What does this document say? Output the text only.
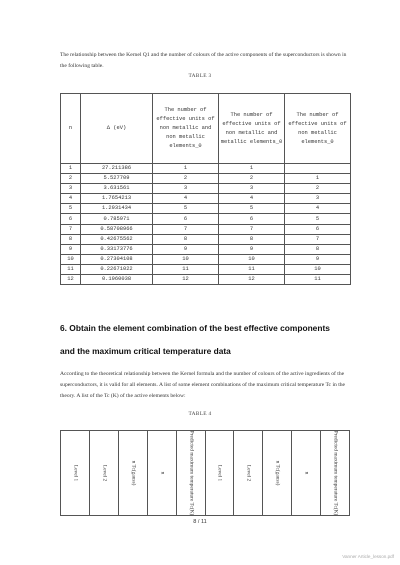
The relationship between the Kernel Q1 and the number of colours of the active components of the superconductors is shown in the following table.

TABLE 3
n	Δ (eV)	The number of effective units of non metallic and non metallic elements_0	The number of effective units of non metallic and metallic elements_0	The number of effective units of non metallic elements_0
1	27.211386	1	1	
2	5.527709	2	2	1
3	3.631561	3	3	2
4	1.7654213	4	4	3
5	1.2931434	5	5	4
6	0.785971	6	6	5
7	0.58708966	7	7	6
8	0.42675562	8	8	7
9	0.33173776	9	9	8
10	0.27304108	10	10	9
11	0.22671022	11	11	10
12	0.1960038	12	12	11
6. Obtain the element combination of the best effective components
and the maximum critical temperature data

According to the theoretical relationship between the Kernel formula and the number of colours of the active ingredients of the superconductors, it is valid for all elements. A list of some element combinations of the maximum critical temperature Tc in the theory. A list of the Tc (K) of the active elements below:

TABLE 4
Level 1	Level 2	n Tc(gauss)	n	Predicted maximum temperature Tc(K)	Level 1	Level 2	n Tc(gauss)	n	Predicted maximum temperature Tc(K)
8 / 11
Vanner Article_lesson.pdf
